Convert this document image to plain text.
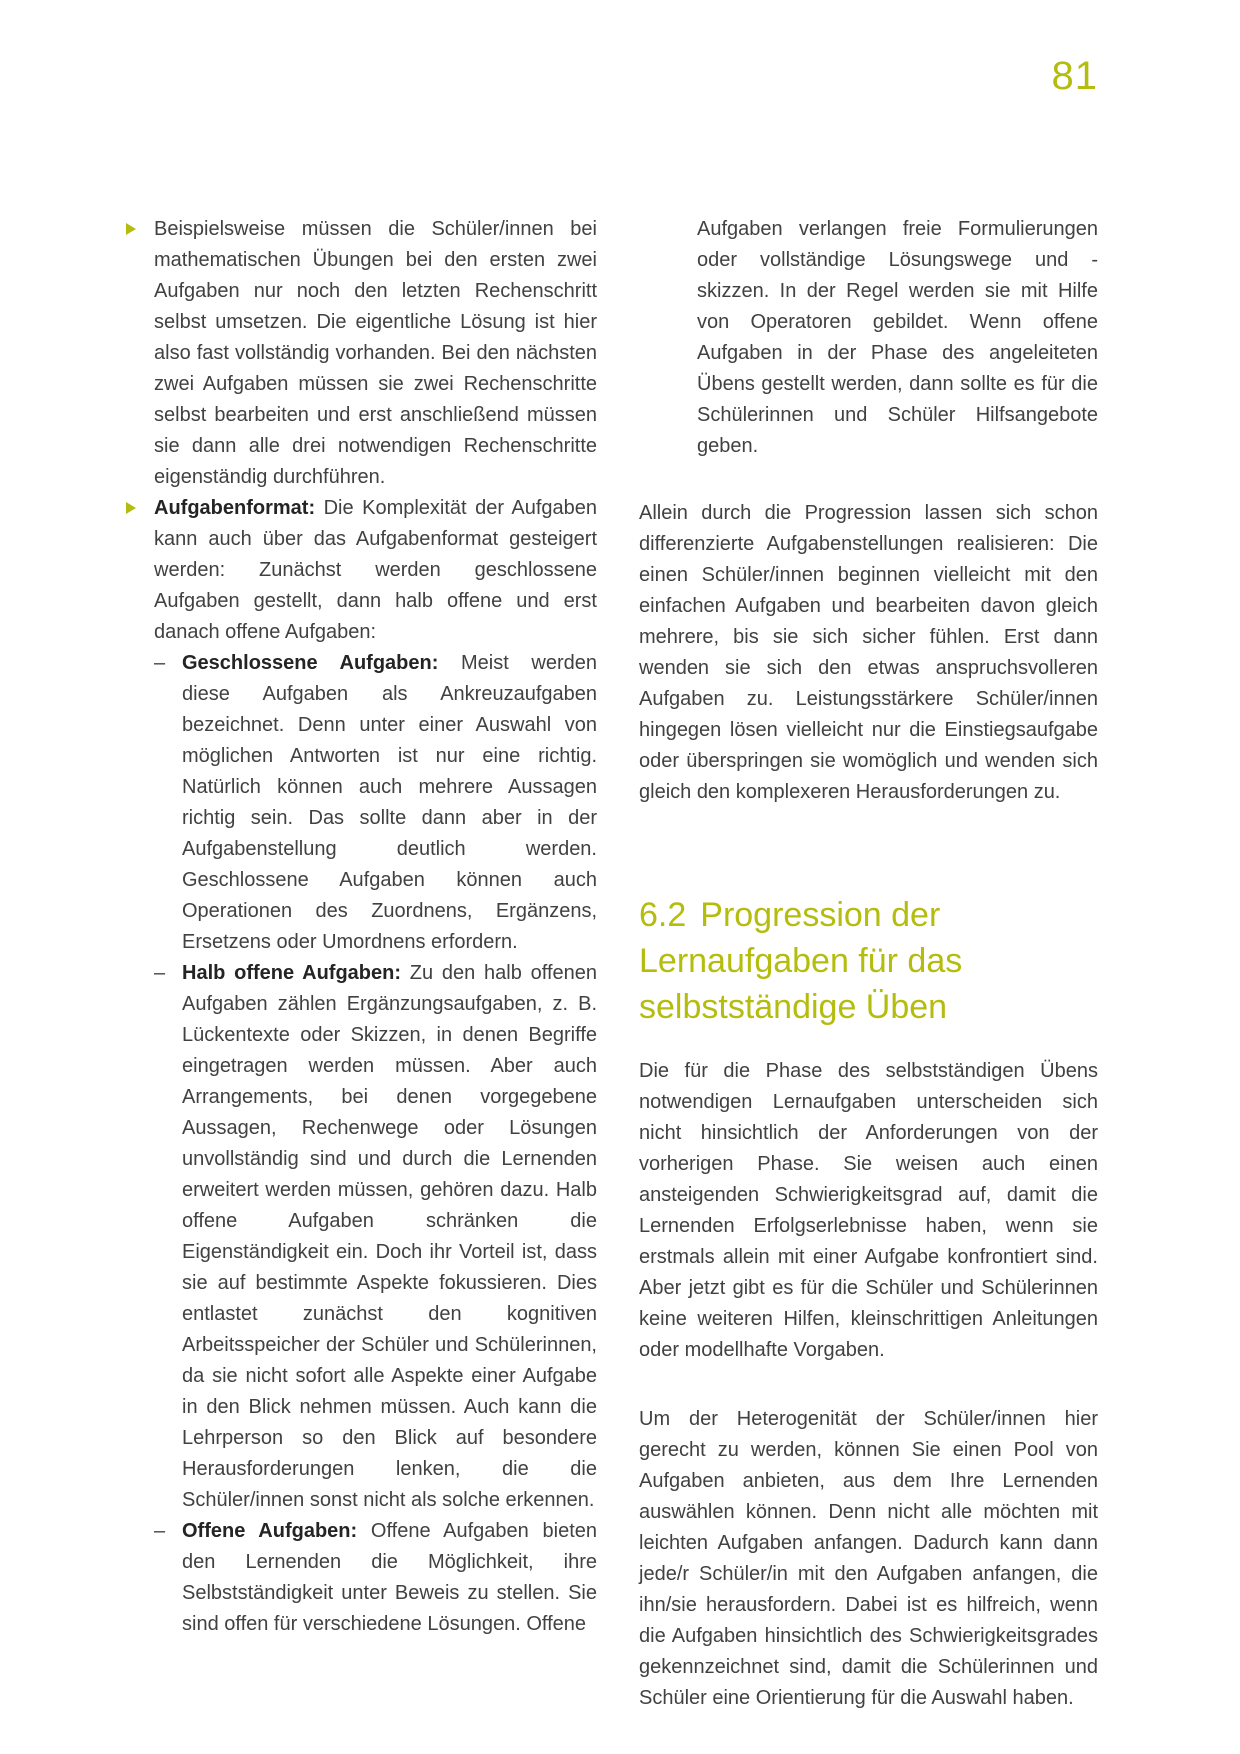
81
Beispielsweise müssen die Schüler/innen bei mathematischen Übungen bei den ersten zwei Aufgaben nur noch den letzten Rechenschritt selbst umsetzen. Die eigentliche Lösung ist hier also fast vollständig vorhanden. Bei den nächsten zwei Aufgaben müssen sie zwei Rechenschritte selbst bearbeiten und erst anschließend müssen sie dann alle drei notwendigen Rechenschritte eigenständig durchführen.
Aufgabenformat: Die Komplexität der Aufgaben kann auch über das Aufgabenformat gesteigert werden: Zunächst werden geschlossene Aufgaben gestellt, dann halb offene und erst danach offene Aufgaben:
– Geschlossene Aufgaben: Meist werden diese Aufgaben als Ankreuzaufgaben bezeichnet. Denn unter einer Auswahl von möglichen Antworten ist nur eine richtig. Natürlich können auch mehrere Aussagen richtig sein. Das sollte dann aber in der Aufgabenstellung deutlich werden. Geschlossene Aufgaben können auch Operationen des Zuordnens, Ergänzens, Ersetzens oder Umordnens erfordern.
– Halb offene Aufgaben: Zu den halb offenen Aufgaben zählen Ergänzungsaufgaben, z. B. Lückentexte oder Skizzen, in denen Begriffe eingetragen werden müssen. Aber auch Arrangements, bei denen vorgegebene Aussagen, Rechenwege oder Lösungen unvollständig sind und durch die Lernenden erweitert werden müssen, gehören dazu. Halb offene Aufgaben schränken die Eigenständigkeit ein. Doch ihr Vorteil ist, dass sie auf bestimmte Aspekte fokussieren. Dies entlastet zunächst den kognitiven Arbeitsspeicher der Schüler und Schülerinnen, da sie nicht sofort alle Aspekte einer Aufgabe in den Blick nehmen müssen. Auch kann die Lehrperson so den Blick auf besondere Herausforderungen lenken, die die Schüler/innen sonst nicht als solche erkennen.
– Offene Aufgaben: Offene Aufgaben bieten den Lernenden die Möglichkeit, ihre Selbstständigkeit unter Beweis zu stellen. Sie sind offen für verschiedene Lösungen. Offene
Aufgaben verlangen freie Formulierungen oder vollständige Lösungswege und -skizzen. In der Regel werden sie mit Hilfe von Operatoren gebildet. Wenn offene Aufgaben in der Phase des angeleiteten Übens gestellt werden, dann sollte es für die Schülerinnen und Schüler Hilfsangebote geben.
Allein durch die Progression lassen sich schon differenzierte Aufgabenstellungen realisieren: Die einen Schüler/innen beginnen vielleicht mit den einfachen Aufgaben und bearbeiten davon gleich mehrere, bis sie sich sicher fühlen. Erst dann wenden sie sich den etwas anspruchsvolleren Aufgaben zu. Leistungsstärkere Schüler/innen hingegen lösen vielleicht nur die Einstiegsaufgabe oder überspringen sie womöglich und wenden sich gleich den komplexeren Herausforderungen zu.
6.2 Progression der
Lernaufgaben für das
selbstständige Üben
Die für die Phase des selbstständigen Übens notwendigen Lernaufgaben unterscheiden sich nicht hinsichtlich der Anforderungen von der vorherigen Phase. Sie weisen auch einen ansteigenden Schwierigkeitsgrad auf, damit die Lernenden Erfolgserlebnisse haben, wenn sie erstmals allein mit einer Aufgabe konfrontiert sind. Aber jetzt gibt es für die Schüler und Schülerinnen keine weiteren Hilfen, kleinschrittigen Anleitungen oder modellhafte Vorgaben.
Um der Heterogenität der Schüler/innen hier gerecht zu werden, können Sie einen Pool von Aufgaben anbieten, aus dem Ihre Lernenden auswählen können. Denn nicht alle möchten mit leichten Aufgaben anfangen. Dadurch kann dann jede/r Schüler/in mit den Aufgaben anfangen, die ihn/sie herausfordern. Dabei ist es hilfreich, wenn die Aufgaben hinsichtlich des Schwierigkeitsgrades gekennzeichnet sind, damit die Schülerinnen und Schüler eine Orientierung für die Auswahl haben.
